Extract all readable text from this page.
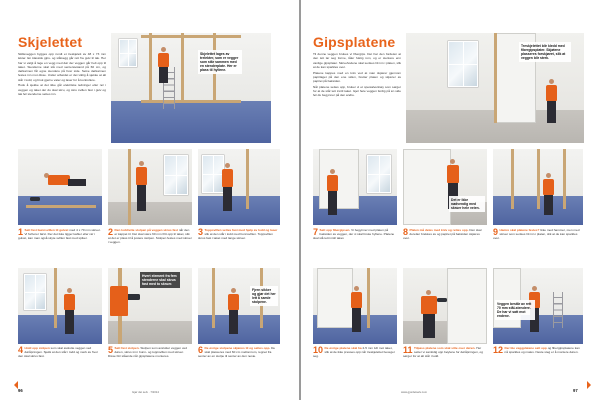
Skjelettet

Skilleveggen bygges opp rundt et treskjelett av 48 x 73 mm lekter. En klassisk gips- og stålvegg går rett fra gulv til tak. Her har vi valgt å lage en vegg med dør der veggen går helt opp til taket. Stenderne skal stå med senteravstand på 60 cm, og dørkarmen får egne stendere på hver side. Selve dørkarmen festes inn mot disse. Under arbeidet er det viktig å sjekke at alt står i lodd, og bruk gjerne vater og laser for å kontrollere.

Husk å sjekke at det ikke går elektriske ledninger eller rør i veggen og taket der du skal skru, og skru svillen fast i gulv og tak før stenderne settes inn.

Skjelettet lages av trelekter, som er vegger som står sammen med en stenderplate. Her er plass til hyllene.
1 Sett fast bunnsvillen til gulvet med 4 x 70 mm skruer. Vi forborer først. Der det ikke ligger kabler eller rør i gulvet, kan man også skyte svillen fast med spiker.
2 Den loddrette stolpen på veggen skrus fast når den er kappet til. Det skal være 60 mm fritt opp til taket, slik at det er plass til å justere stolpen. Stolpen festes med skruer i veggen.
3 Toppsvillen settes fast med hjelp av lodd og laser slik at den står i lodd med bunnsvillen. Toppsvillen skrus fast i taket med lange skruer.
Hvert element fra fem stenderne skal skrus fast med to skruer.
Fjern sikker og gjør det her lett å samle stolpene.
4 Hold opp stolpen som skal avslutte veggen ved døråpningen. Sjekk at den står i lodd og merk av hvor den skal skrus fast.
5 Sett fast stolpen. Stolpen som avslutter veggen ved døren, skrus inn i bunn- og toppsvillen med skruer. Disse blir stående når gipsplatene monteres.
6 De øvrige stolpene skjæres til og settes opp. De skal plasseres med 60 cm mellomrom, regnet fra senter av en stolpe til senter av den neste.
96	Gjør det selv · 7/2014
Gipsplatene

Til denne veggen brukes vi fibergips. Det har den fordelen at den lett lar seg forme, tåler fuktig rom, og er sterkere enn vanlige gipsplater. Skruehodene skal senkes litt inn i platen, slik at de kan sparkles over.

Platene kappes med en kniv ved at man skjærer gjennom papirlaget på den ene siden, bretter platen og skjærer av papiret på baksiden.

Når platene settes opp, bruker vi et spesialverktøy som sørger for at de står tett inntil taket. Gjør hele veggen ferdig på én side før du begynner på den andre.

Treskjelettet blir kledd med fibergipsplater. Skjøtene plasseres forskjøvet, slik at veggen blir sterk.
Det er ikke nødvendig med skruer hele veien.
7 Sett opp fibergipsen. Vi begynner med platen på baksiden av veggen, der vi skal bruke hyllene. Platene skal stå tett inntil taket.
8 Platen må deles med kniv og rettes opp. Den skal deretter brekkes av og papiret på baksiden skjæres over.
9 Hamre skal platene festes? Ikke med hammer, men med skruer som senkes litt inn i platen, slik at de kan sparkles over.
Veggen består av rett 70 mm stål-stendere. De har vi satt mot endene.
10 De øvrige platene skal ha 2-5 mm luft mot taket, slik at de ikke presses opp når treskjelettet beveger seg.
11 Tilpass platene som skal sitte over døren. Her setter vi samtidig opp bøylene for døråpningen, og sørger for at alt står i lodd.
12 Der ble veggplatene satt opp og fibergipsplatene kan nå sparkles og males. Neste steg er å montere døren.
www.gjordetselv.com	97
